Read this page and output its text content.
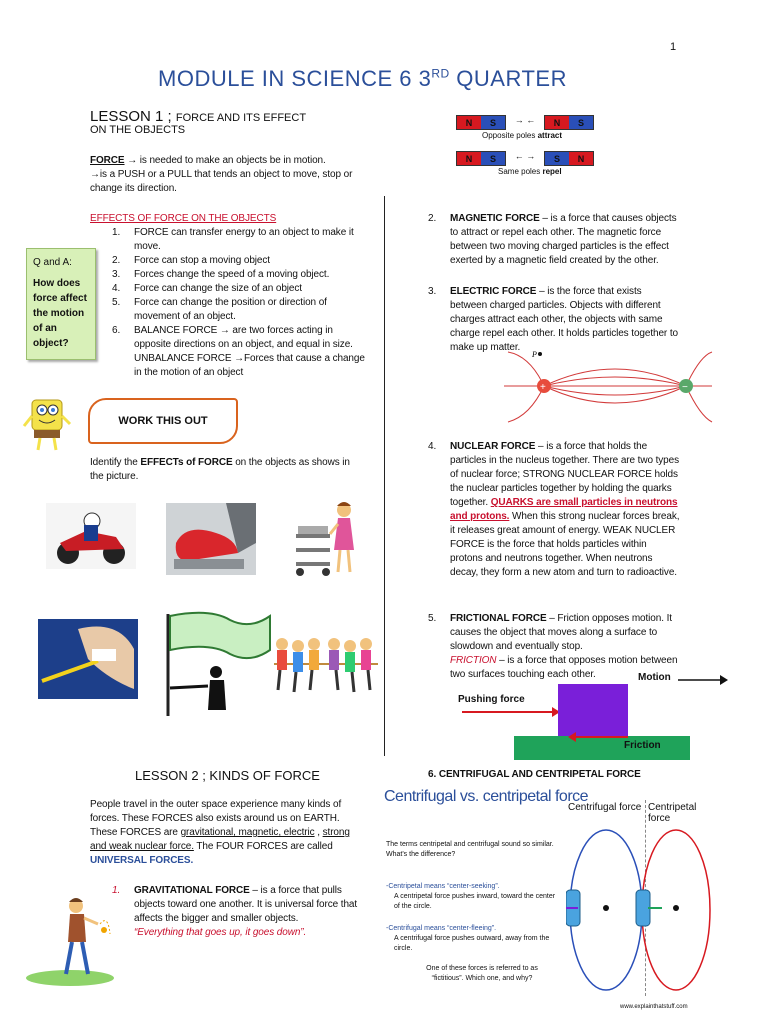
1
MODULE IN SCIENCE 6 3RD QUARTER
LESSON 1 ; FORCE AND ITS EFFECT
ON THE OBJECTS
FORCE → is needed to make an objects be in motion.
→is a PUSH or a PULL that tends an object to move, stop or
change its direction.
EFFECTS OF FORCE ON THE OBJECTS
1.	FORCE can transfer energy to an object to make it move.
2.	Force can stop a moving object
3.	Forces change the speed of a moving object.
4.	Force can change the size of an object
5.	Force can change the position or direction of movement of an object.
6.	BALANCE FORCE → are two forces acting in opposite directions on an object, and equal in size.
UNBALANCE FORCE →Forces that cause a change in the motion of an object
Q and A:
How does force affect the motion of an object?
WORK THIS OUT
Identify the EFFECTs of FORCE on the objects as shows in the picture.
N	S	→ ←	N	S
Opposite poles attract
N	S	← →	S	N
Same poles repel
2.	MAGNETIC FORCE – is a force that causes objects to attract or repel each other. The magnetic force between two moving charged particles is the effect exerted by a magnetic field created by the other.
3.	ELECTRIC FORCE – is the force that exists between charged particles. Objects with different charges attract each other, the objects with same charge repel each other. It holds particles together to make up matter.
+	−
P
4.	NUCLEAR FORCE – is a force that holds the particles in the nucleus together. There are two types of nuclear force; STRONG NUCLEAR FORCE holds the nuclear particles together by holding the quarks together. QUARKS are small particles in neutrons and protons. When this strong nuclear forces break, it releases great amount of energy. WEAK NUCLER FORCE is the force that holds particles within protons and neutrons together. When neutrons decay, they form a new atom and turn to radioactive.
5.	FRICTIONAL FORCE – Friction opposes motion. It causes the object that moves along a surface to slowdown and eventually stop.
FRICTION – is a force that opposes motion between two surfaces touching each other.	Motion
Pushing force
Friction
LESSON 2 ; KINDS OF FORCE
People travel in the outer space experience many kinds of forces. These FORCES also exists around us on EARTH. These FORCES are gravitational, magnetic, electric , strong and weak nuclear force. The FOUR FORCES are called UNIVERSAL FORCES.
1.	GRAVITATIONAL FORCE – is a force that pulls objects toward one another. It is universal force that affects the bigger and smaller objects.
“Everything that goes up, it goes down”.
6. CENTRIFUGAL AND CENTRIPETAL FORCE
Centrifugal vs. centripetal force
Centrifugal force Centripetal force
The terms centripetal and centrifugal sound so similar. What's the difference?
-Centripetal means “center-seeking”.
A centripetal force pushes inward, toward the center of the circle.
-Centrifugal means “center-fleeing”.
A centrifugal force pushes outward, away from the circle.
One of these forces is referred to as “fictitious”. Which one, and why?
www.explainthatstuff.com
